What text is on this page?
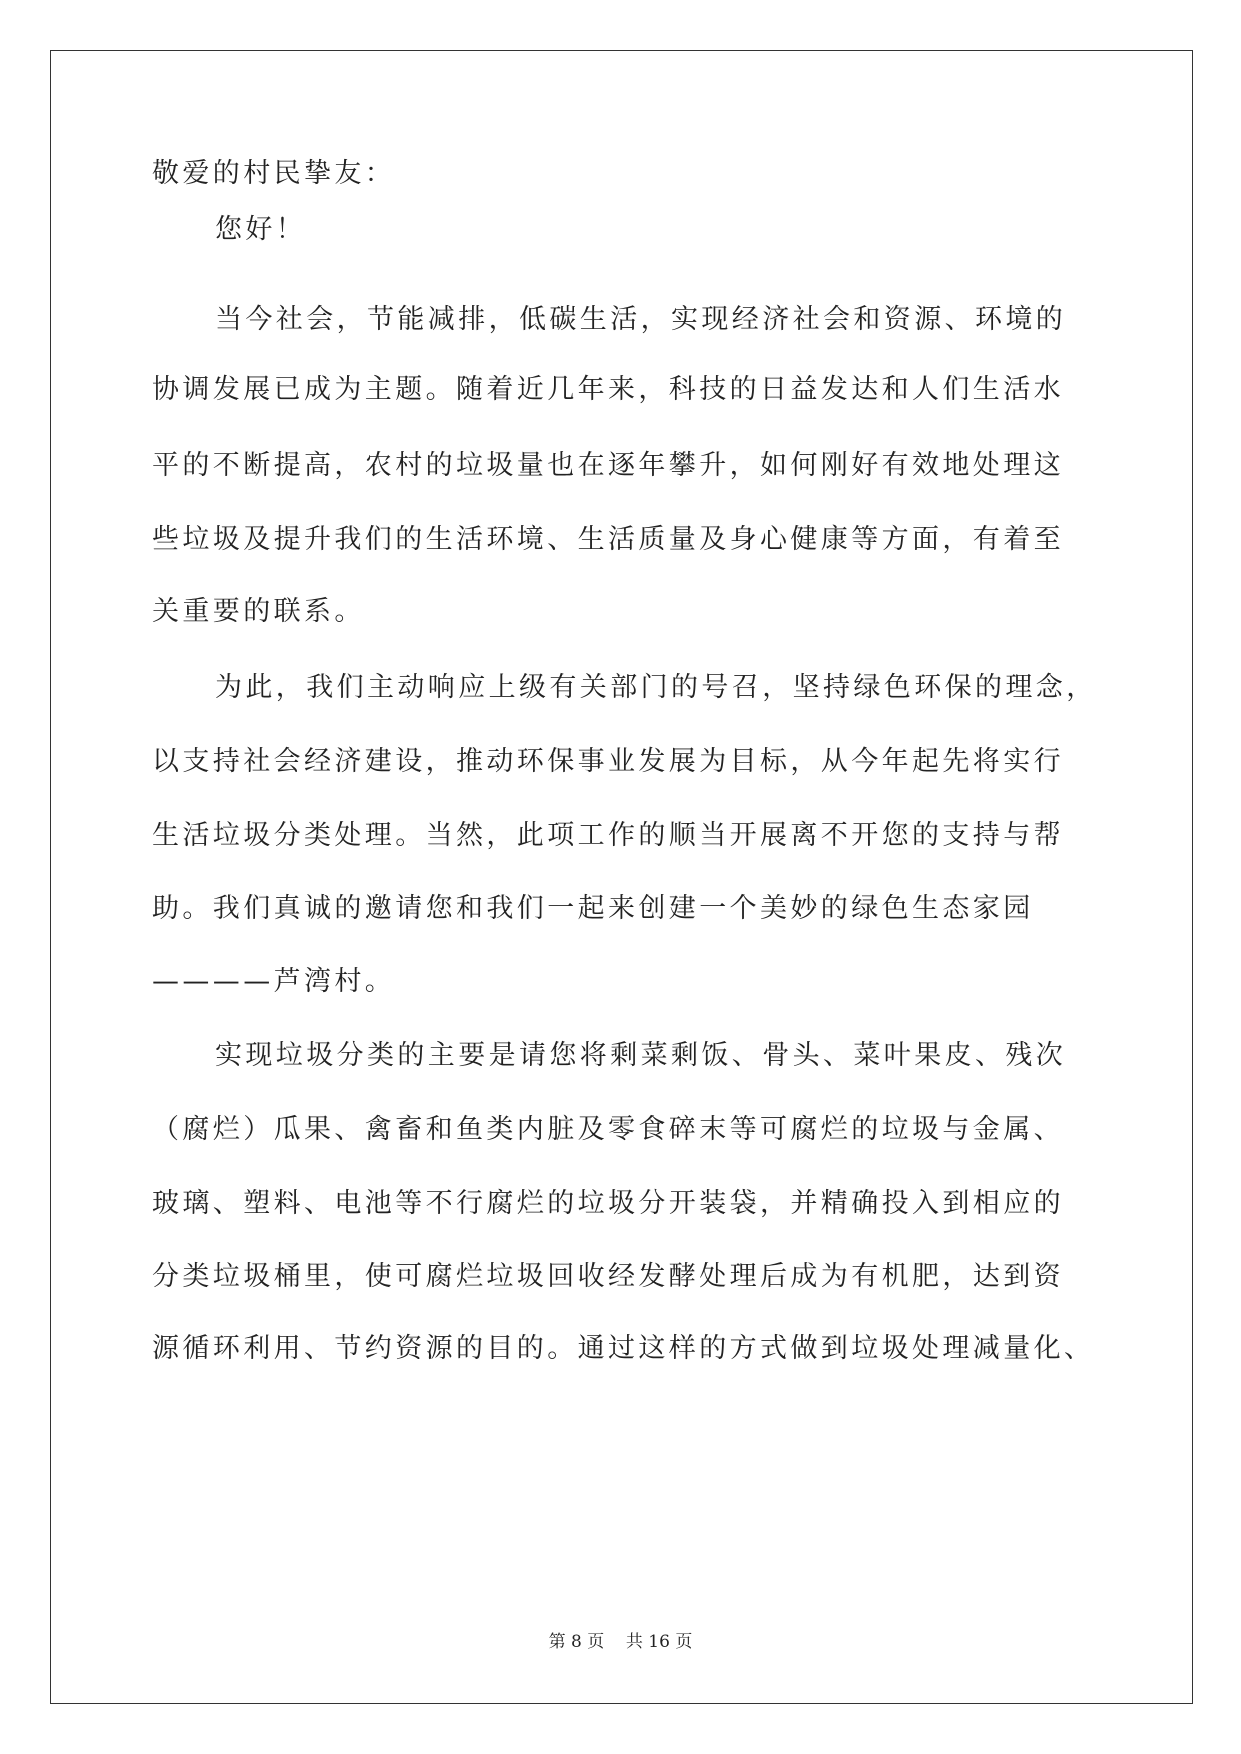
敬爱的村民挚友：
您好！
当今社会，节能减排，低碳生活，实现经济社会和资源、环境的
协调发展已成为主题。随着近几年来，科技的日益发达和人们生活水
平的不断提高，农村的垃圾量也在逐年攀升，如何刚好有效地处理这
些垃圾及提升我们的生活环境、生活质量及身心健康等方面，有着至
关重要的联系。
为此，我们主动响应上级有关部门的号召，坚持绿色环保的理念，
以支持社会经济建设，推动环保事业发展为目标，从今年起先将实行
生活垃圾分类处理。当然，此项工作的顺当开展离不开您的支持与帮
助。我们真诚的邀请您和我们一起来创建一个美妙的绿色生态家园
————芦湾村。
实现垃圾分类的主要是请您将剩菜剩饭、骨头、菜叶果皮、残次
（腐烂）瓜果、禽畜和鱼类内脏及零食碎末等可腐烂的垃圾与金属、
玻璃、塑料、电池等不行腐烂的垃圾分开装袋，并精确投入到相应的
分类垃圾桶里，使可腐烂垃圾回收经发酵处理后成为有机肥，达到资
源循环利用、节约资源的目的。通过这样的方式做到垃圾处理减量化、
第 8 页    共 16 页
